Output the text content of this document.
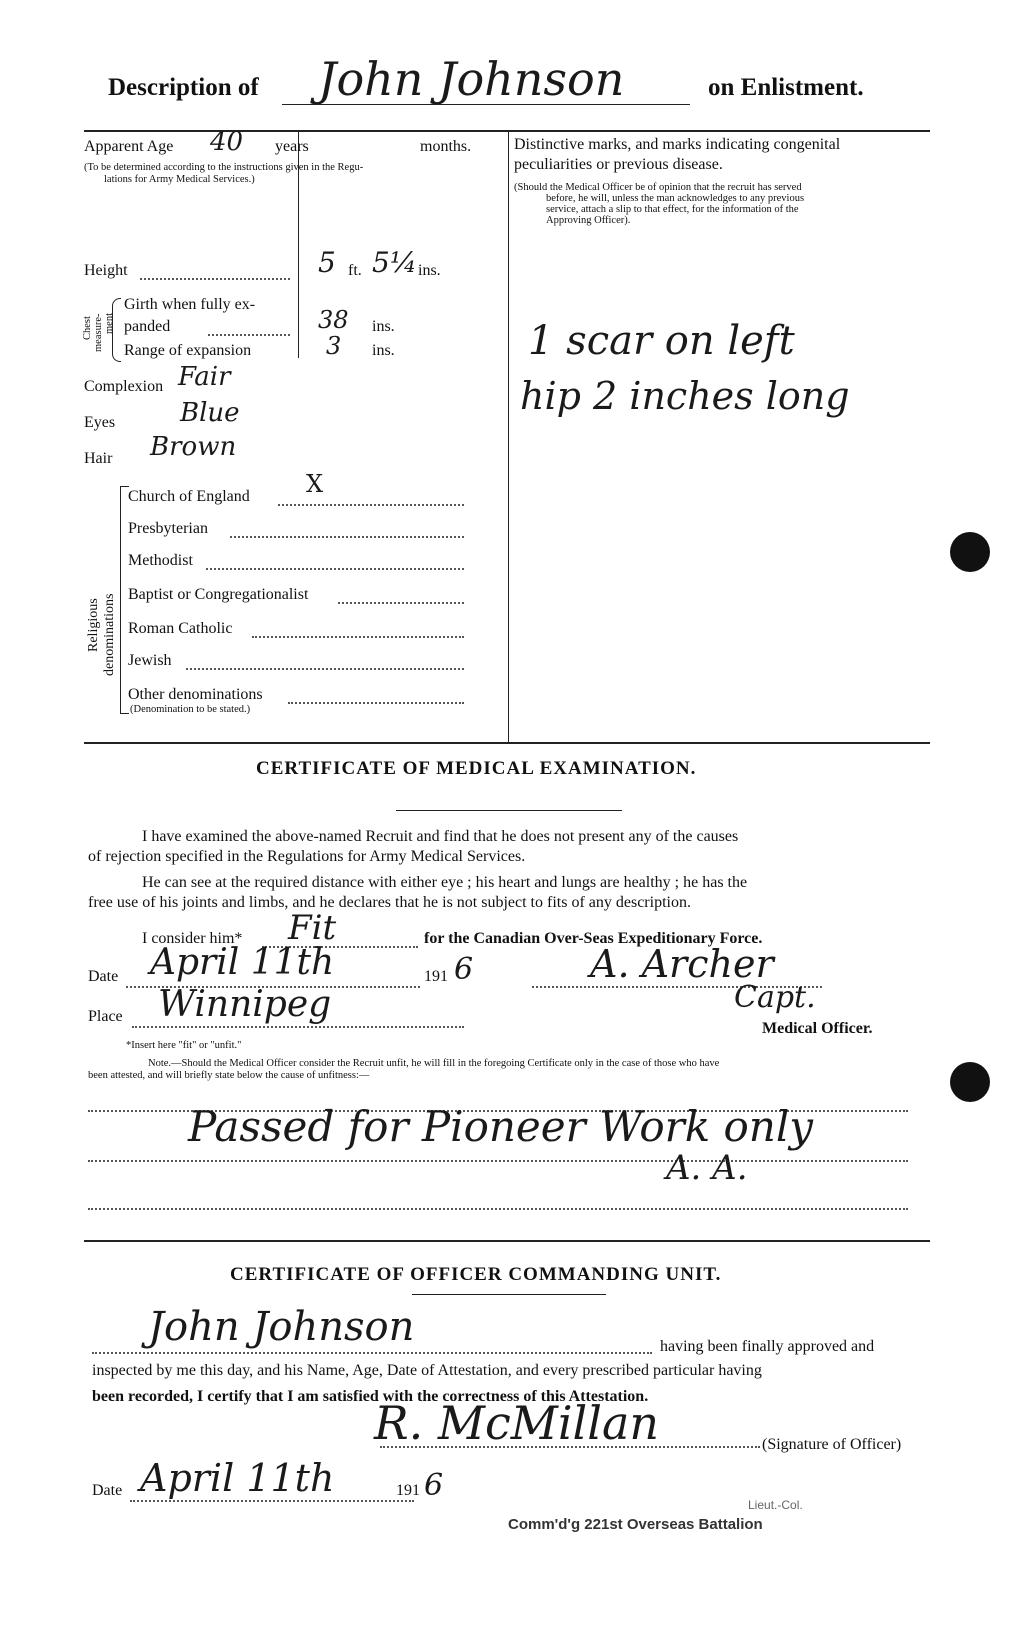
Description of John Johnson	on Enlistment.
Apparent Age 40 years	months.
(To be determined according to the instructions given in the Regu-
lations for Army Medical Services.)
Height	5 ft. 5¼ ins.
Chest measure- ment
Girth when fully ex-
panded	38 ins.
Range of expansion	3 ins.
Complexion Fair
Eyes Blue
Hair Brown
Religious denominations
Church of England X
Presbyterian
Methodist
Baptist or Congregationalist
Roman Catholic
Jewish
Other denominations
(Denomination to be stated.)
Distinctive marks, and marks indicating congenital
peculiarities or previous disease.
(Should the Medical Officer be of opinion that the recruit has served
before, he will, unless the man acknowledges to any previous
service, attach a slip to that effect, for the information of the
Approving Officer).
1 scar on left
hip 2 inches long
CERTIFICATE OF MEDICAL EXAMINATION.
I have examined the above-named Recruit and find that he does not present any of the causes
of rejection specified in the Regulations for Army Medical Services.
He can see at the required distance with either eye ; his heart and lungs are healthy ; he has the
free use of his joints and limbs, and he declares that he is not subject to fits of any description.
I consider him* Fit	for the Canadian Over-Seas Expeditionary Force.
Date April 11th	191 6	A. Archer
Place Winnipeg	Capt.
Medical Officer.
*Insert here "fit" or "unfit."
Note.—Should the Medical Officer consider the Recruit unfit, he will fill in the foregoing Certificate only in the case of those who have
been attested, and will briefly state below the cause of unfitness:—
Passed for Pioneer Work only
A. A.
CERTIFICATE OF OFFICER COMMANDING UNIT.
John Johnson	having been finally approved and
inspected by me this day, and his Name, Age, Date of Attestation, and every prescribed particular having
been recorded, I certify that I am satisfied with the correctness of this Attestation.
R. McMillan	(Signature of Officer)
Date April 11th	191 6
Lieut.-Col.
Comm'd'g 221st Overseas Battalion
